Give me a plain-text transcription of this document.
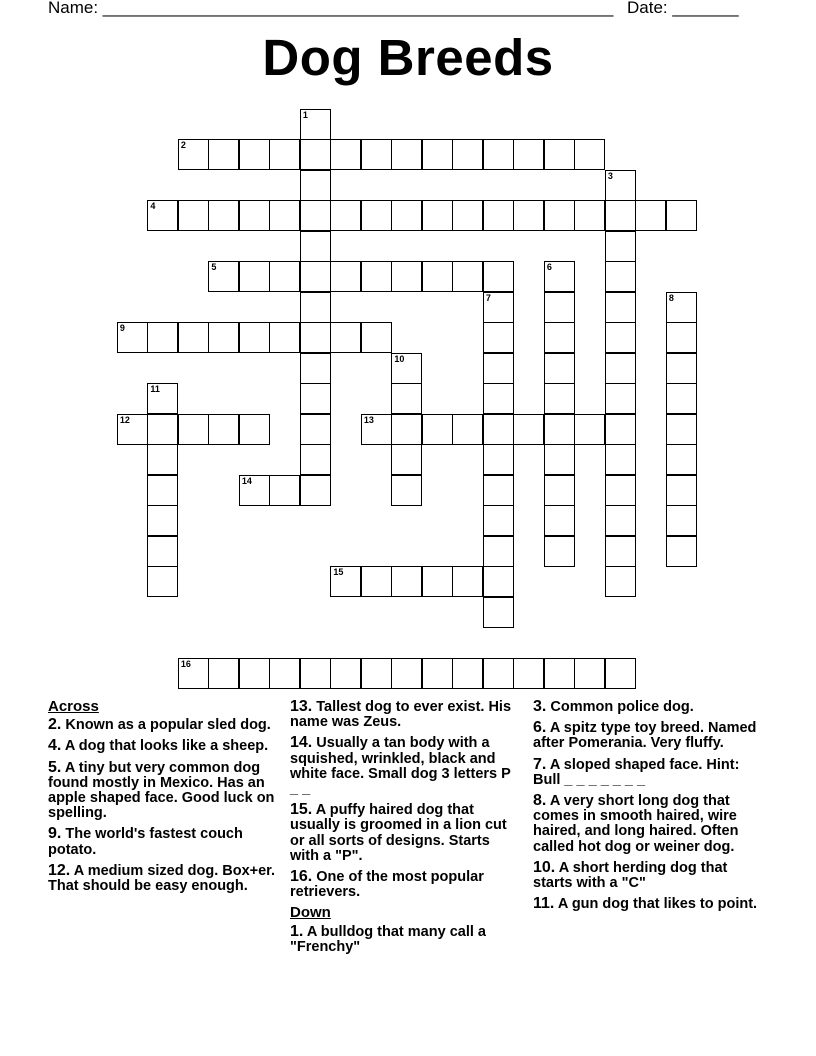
Name: ______________________________________________________ Date: _______
Dog Breeds
1
2
3
4
5	6
7	8
9
10
11
12	13
14
15
16
Across
2. Known as a popular sled dog.
4. A dog that looks like a sheep.
5. A tiny but very common dog found mostly in Mexico. Has an apple shaped face. Good luck on spelling.
9. The world's fastest couch potato.
12. A medium sized dog. Box+er. That should be easy enough.
13. Tallest dog to ever exist. His name was Zeus.
14. Usually a tan body with a squished, wrinkled, black and white face. Small dog 3 letters P _ _
15. A puffy haired dog that usually is groomed in a lion cut or all sorts of designs. Starts with a "P".
16. One of the most popular retrievers.
Down
1. A bulldog that many call a "Frenchy"
3. Common police dog.
6. A spitz type toy breed. Named after Pomerania. Very fluffy.
7. A sloped shaped face. Hint: Bull _ _ _ _ _ _ _
8. A very short long dog that comes in smooth haired, wire haired, and long haired. Often called hot dog or weiner dog.
10. A short herding dog that starts with a "C"
11. A gun dog that likes to point.
